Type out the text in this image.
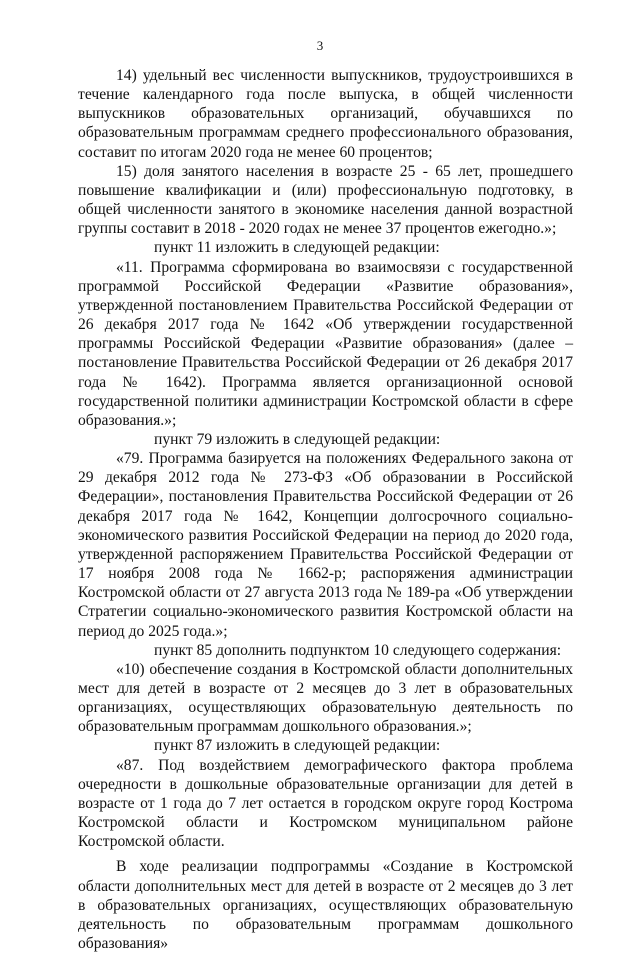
3

14) удельный вес численности выпускников, трудоустроившихся в течение календарного года после выпуска, в общей численности выпускников образовательных организаций, обучавшихся по образовательным программам среднего профессионального образования, составит по итогам 2020 года не менее 60 процентов;

15) доля занятого населения в возрасте 25 - 65 лет, прошедшего повышение квалификации и (или) профессиональную подготовку, в общей численности занятого в экономике населения данной возрастной группы составит в 2018 - 2020 годах не менее 37 процентов ежегодно.»;

пункт 11 изложить в следующей редакции:

«11. Программа сформирована во взаимосвязи с государственной программой Российской Федерации «Развитие образования», утвержденной постановлением Правительства Российской Федерации от 26 декабря 2017 года № 1642 «Об утверждении государственной программы Российской Федерации «Развитие образования» (далее – постановление Правительства Российской Федерации от 26 декабря 2017 года № 1642). Программа является организационной основой государственной политики администрации Костромской области в сфере образования.»;

пункт 79 изложить в следующей редакции:

«79. Программа базируется на положениях Федерального закона от 29 декабря 2012 года № 273-ФЗ «Об образовании в Российской Федерации», постановления Правительства Российской Федерации от 26 декабря 2017 года № 1642, Концепции долгосрочного социально-экономического развития Российской Федерации на период до 2020 года, утвержденной распоряжением Правительства Российской Федерации от 17 ноября 2008 года № 1662-р; распоряжения администрации Костромской области от 27 августа 2013 года № 189-ра «Об утверждении Стратегии социально-экономического развития Костромской области на период до 2025 года.»;

пункт 85 дополнить подпунктом 10 следующего содержания:

«10) обеспечение создания в Костромской области дополнительных мест для детей в возрасте от 2 месяцев до 3 лет в образовательных организациях, осуществляющих образовательную деятельность по образовательным программам дошкольного образования.»;

пункт 87 изложить в следующей редакции:

«87. Под воздействием демографического фактора проблема очередности в дошкольные образовательные организации для детей в возрасте от 1 года до 7 лет остается в городском округе город Кострома Костромской области и Костромском муниципальном районе Костромской области.

В ходе реализации подпрограммы «Создание в Костромской области дополнительных мест для детей в возрасте от 2 месяцев до 3 лет в образовательных организациях, осуществляющих образовательную деятельность по образовательным программам дошкольного образования»
